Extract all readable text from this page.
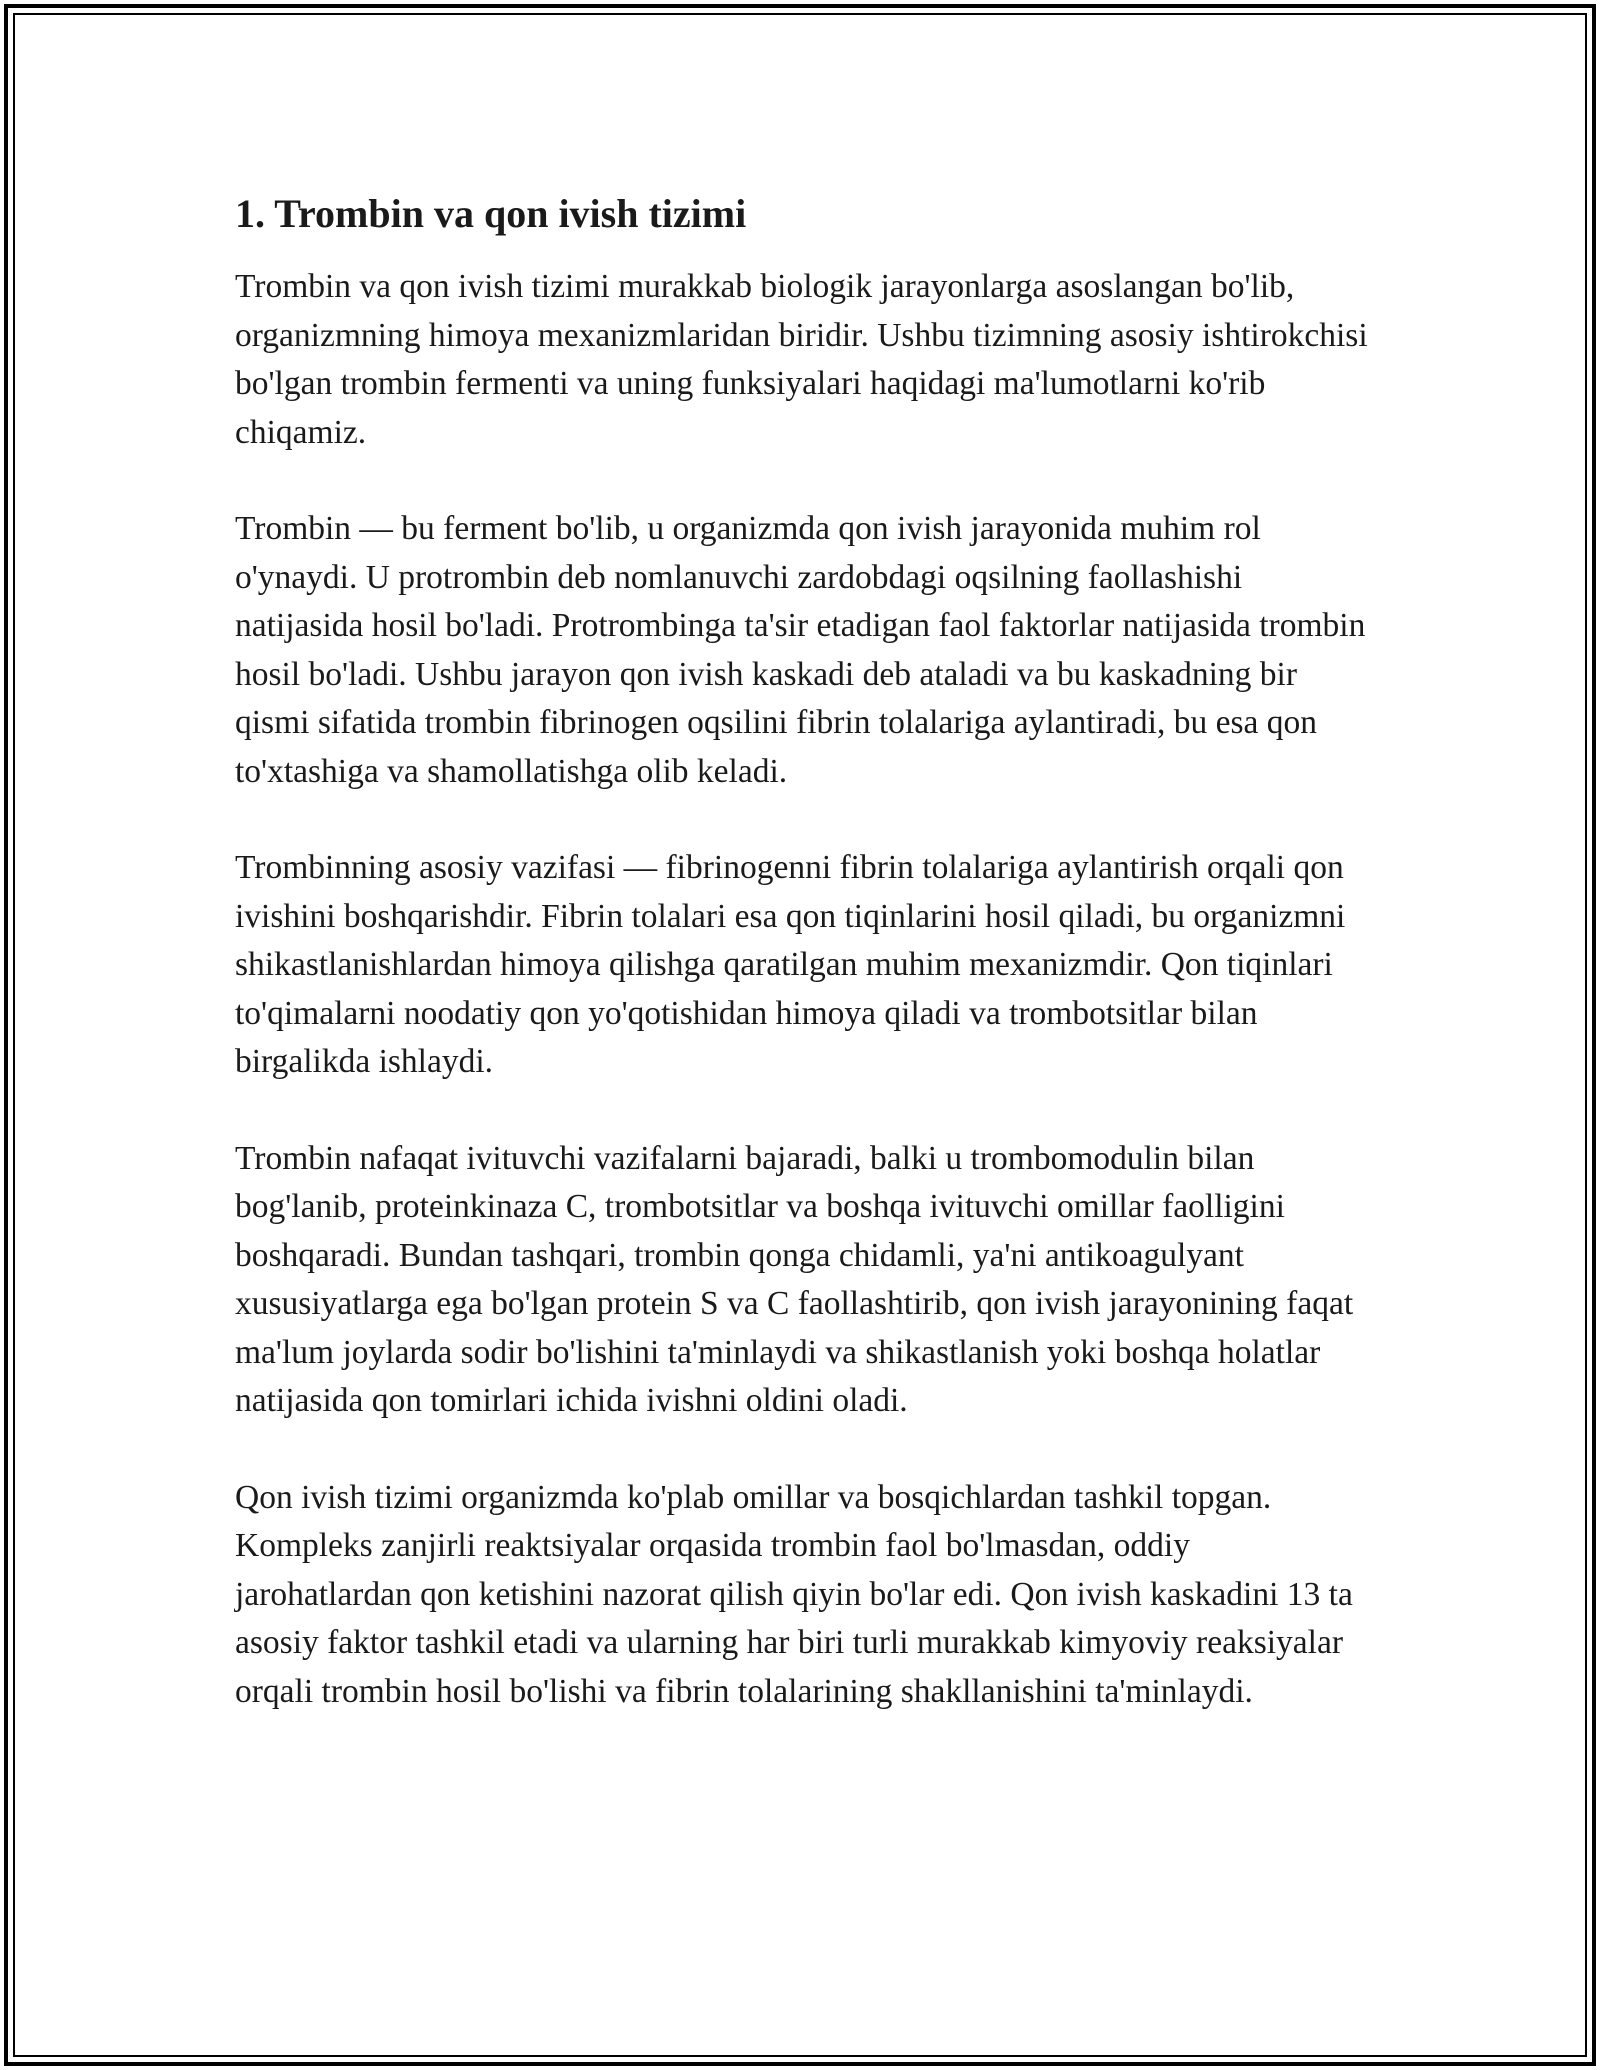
1. Trombin va qon ivish tizimi

Trombin va qon ivish tizimi murakkab biologik jarayonlarga asoslangan bo'lib, organizmning himoya mexanizmlaridan biridir. Ushbu tizimning asosiy ishtirokchisi bo'lgan trombin fermenti va uning funksiyalari haqidagi ma'lumotlarni ko'rib chiqamiz.

Trombin — bu ferment bo'lib, u organizmda qon ivish jarayonida muhim rol o'ynaydi. U protrombin deb nomlanuvchi zardobdagi oqsilning faollashishi natijasida hosil bo'ladi. Protrombinga ta'sir etadigan faol faktorlar natijasida trombin hosil bo'ladi. Ushbu jarayon qon ivish kaskadi deb ataladi va bu kaskadning bir qismi sifatida trombin fibrinogen oqsilini fibrin tolalariga aylantiradi, bu esa qon to'xtashiga va shamollatishga olib keladi.

Trombinning asosiy vazifasi — fibrinogenni fibrin tolalariga aylantirish orqali qon ivishini boshqarishdir. Fibrin tolalari esa qon tiqinlarini hosil qiladi, bu organizmni shikastlanishlardan himoya qilishga qaratilgan muhim mexanizmdir. Qon tiqinlari to'qimalarni noodatiy qon yo'qotishidan himoya qiladi va trombotsitlar bilan birgalikda ishlaydi.

Trombin nafaqat ivituvchi vazifalarni bajaradi, balki u trombomodulin bilan bog'lanib, proteinkinaza C, trombotsitlar va boshqa ivituvchi omillar faolligini boshqaradi. Bundan tashqari, trombin qonga chidamli, ya'ni antikoagulyant xususiyatlarga ega bo'lgan protein S va C faollashtirib, qon ivish jarayonining faqat ma'lum joylarda sodir bo'lishini ta'minlaydi va shikastlanish yoki boshqa holatlar natijasida qon tomirlari ichida ivishni oldini oladi.

Qon ivish tizimi organizmda ko'plab omillar va bosqichlardan tashkil topgan. Kompleks zanjirli reaktsiyalar orqasida trombin faol bo'lmasdan, oddiy jarohatlardan qon ketishini nazorat qilish qiyin bo'lar edi. Qon ivish kaskadini 13 ta asosiy faktor tashkil etadi va ularning har biri turli murakkab kimyoviy reaksiyalar orqali trombin hosil bo'lishi va fibrin tolalarining shakllanishini ta'minlaydi.
